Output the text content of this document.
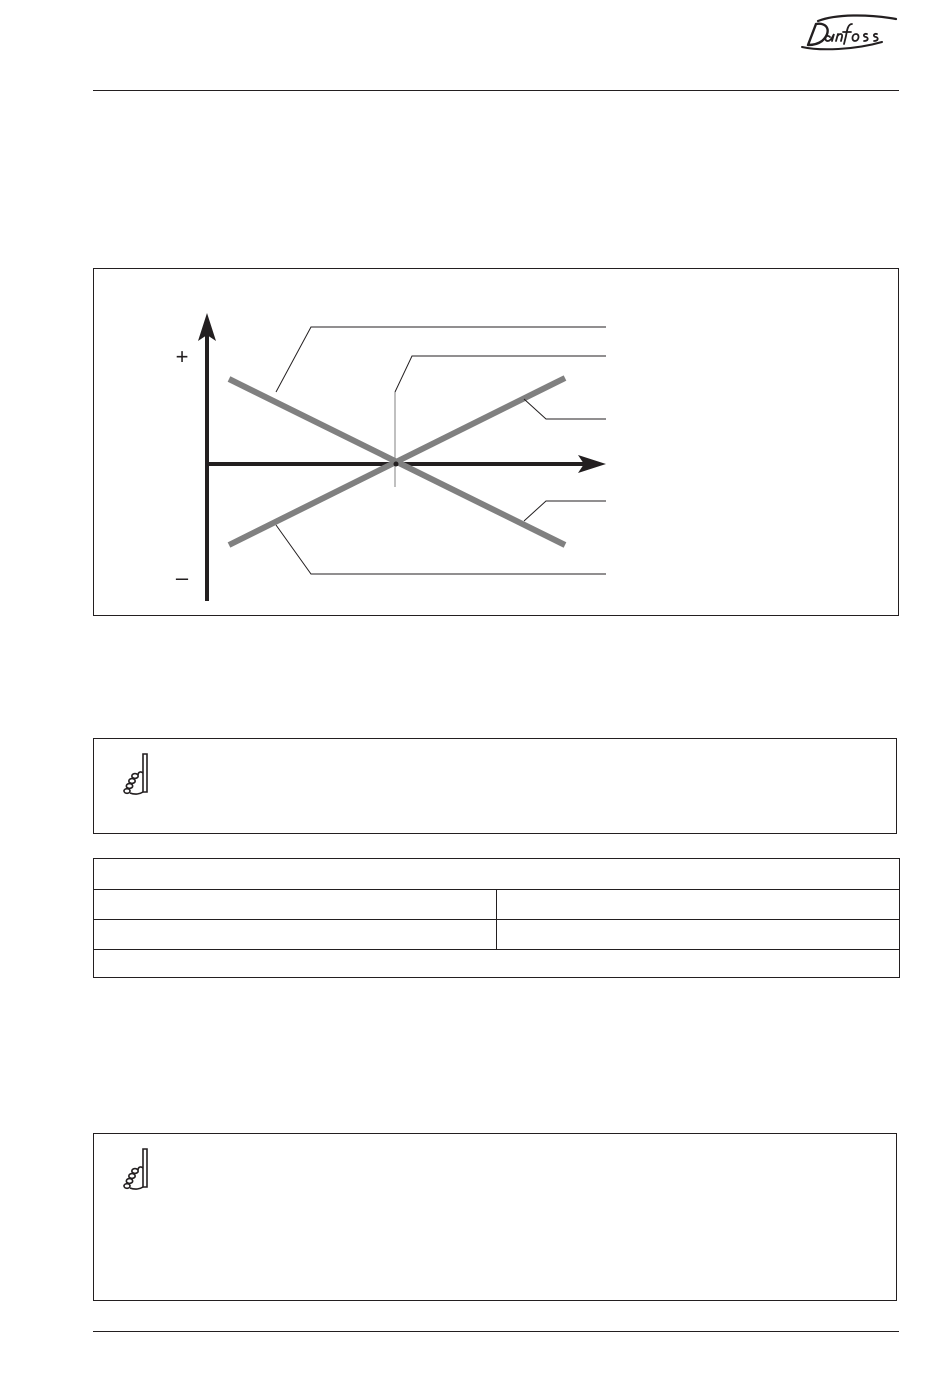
+
–
